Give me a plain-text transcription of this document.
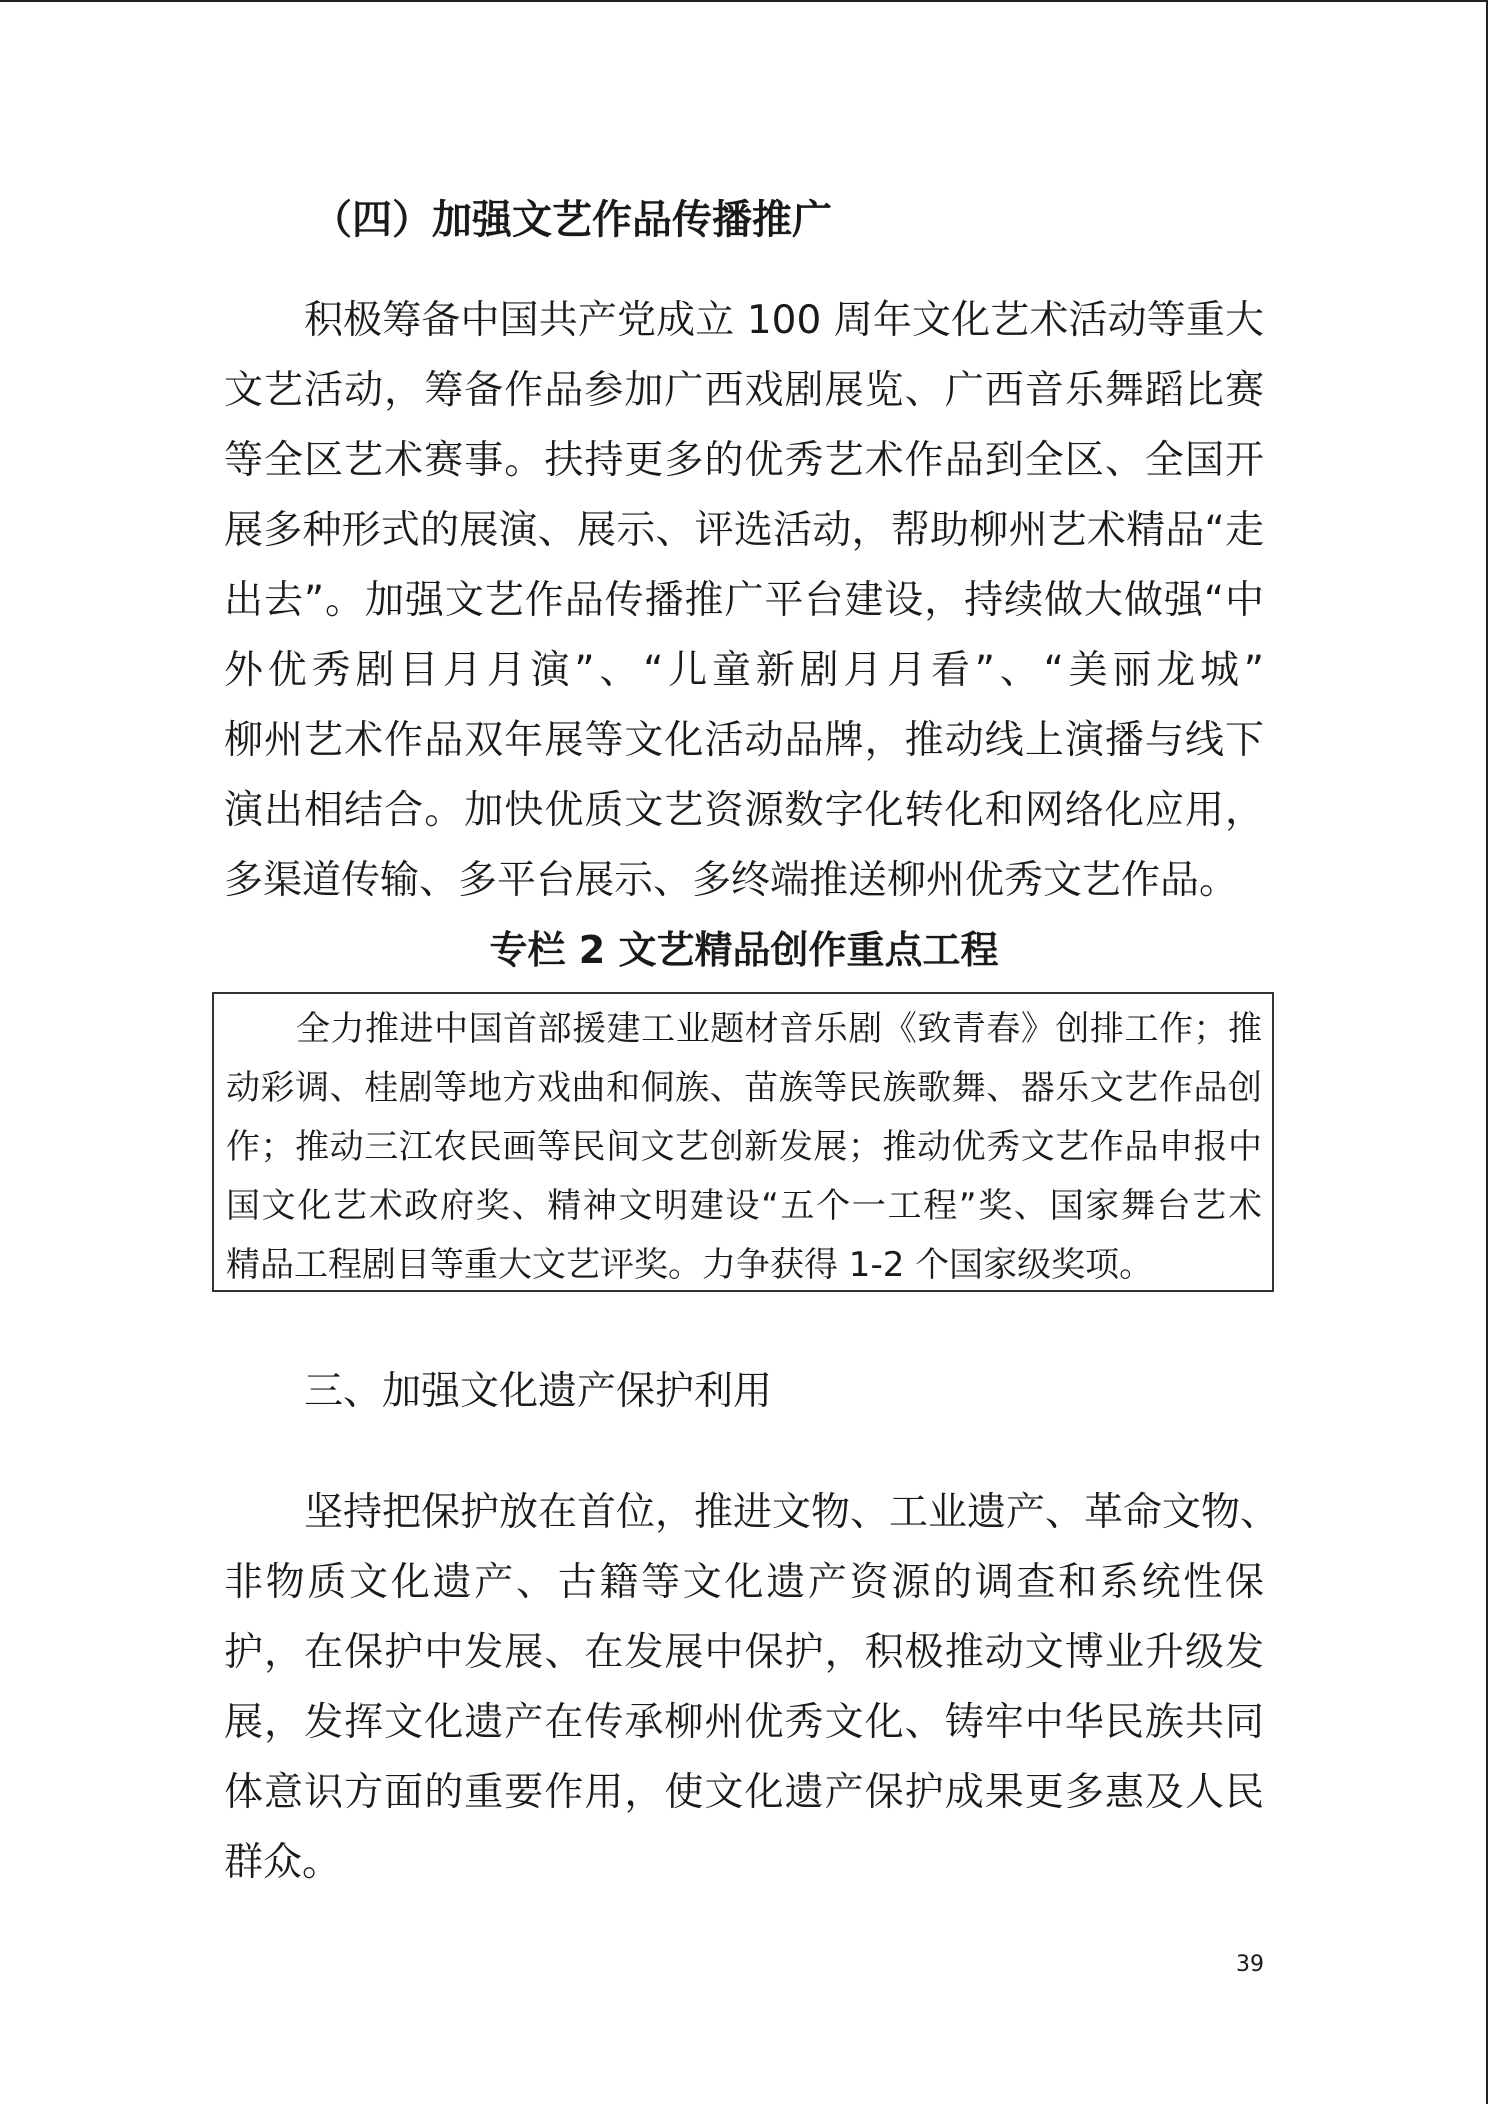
（四）加强文艺作品传播推广
积极筹备中国共产党成立 100 周年文化艺术活动等重大
文艺活动，筹备作品参加广西戏剧展览、广西音乐舞蹈比赛
等全区艺术赛事。扶持更多的优秀艺术作品到全区、全国开
展多种形式的展演、展示、评选活动，帮助柳州艺术精品“走
出去”。加强文艺作品传播推广平台建设，持续做大做强“中
外优秀剧目月月演”、“儿童新剧月月看”、“美丽龙城”
柳州艺术作品双年展等文化活动品牌，推动线上演播与线下
演出相结合。加快优质文艺资源数字化转化和网络化应用，
多渠道传输、多平台展示、多终端推送柳州优秀文艺作品。
专栏 2 文艺精品创作重点工程
全力推进中国首部援建工业题材音乐剧《致青春》创排工作；推
动彩调、桂剧等地方戏曲和侗族、苗族等民族歌舞、器乐文艺作品创
作；推动三江农民画等民间文艺创新发展；推动优秀文艺作品申报中
国文化艺术政府奖、精神文明建设“五个一工程”奖、国家舞台艺术
精品工程剧目等重大文艺评奖。力争获得 1-2 个国家级奖项。
三、加强文化遗产保护利用
坚持把保护放在首位，推进文物、工业遗产、革命文物、
非物质文化遗产、古籍等文化遗产资源的调查和系统性保
护，在保护中发展、在发展中保护，积极推动文博业升级发
展，发挥文化遗产在传承柳州优秀文化、铸牢中华民族共同
体意识方面的重要作用，使文化遗产保护成果更多惠及人民
群众。
39
